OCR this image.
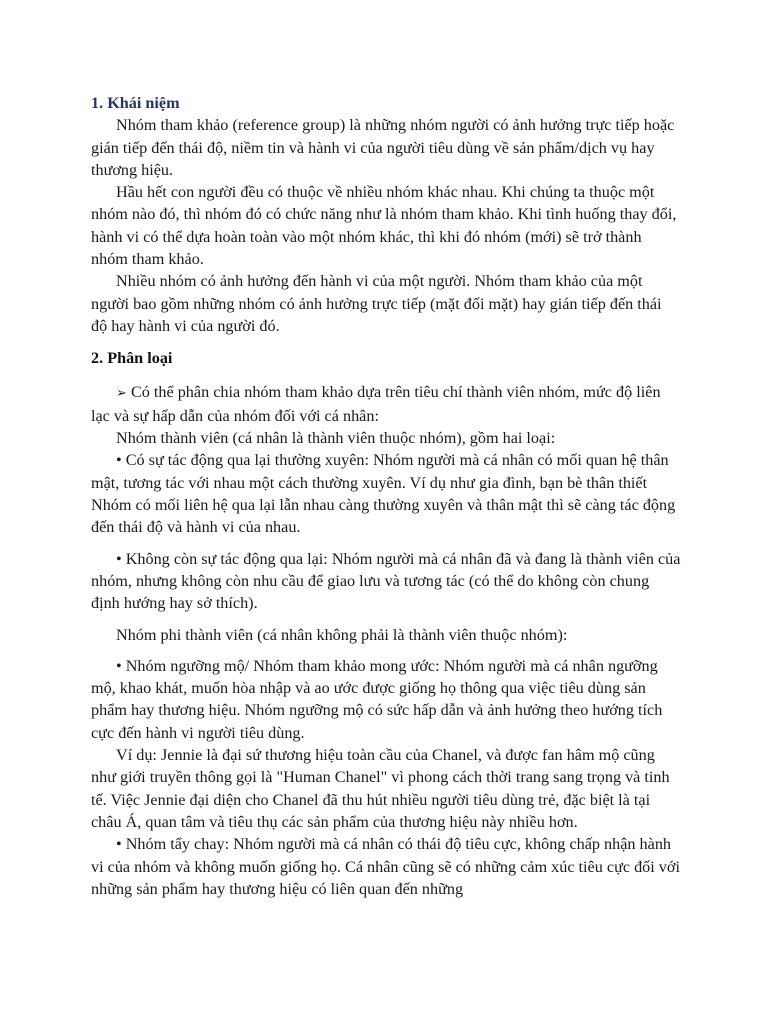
1. Khái niệm

Nhóm tham khảo (reference group) là những nhóm người có ảnh hưởng trực tiếp hoặc gián tiếp đến thái độ, niềm tin và hành vi của người tiêu dùng về sản phẩm/dịch vụ hay thương hiệu.

Hầu hết con người đều có thuộc về nhiều nhóm khác nhau. Khi chúng ta thuộc một nhóm nào đó, thì nhóm đó có chức năng như là nhóm tham khảo. Khi tình huống thay đổi, hành vi có thể dựa hoàn toàn vào một nhóm khác, thì khi đó nhóm (mới) sẽ trở thành nhóm tham khảo.

Nhiều nhóm có ảnh hưởng đến hành vi của một người. Nhóm tham khảo của một người bao gồm những nhóm có ảnh hưởng trực tiếp (mặt đối mặt) hay gián tiếp đến thái độ hay hành vi của người đó.

2. Phân loại

➢ Có thể phân chia nhóm tham khảo dựa trên tiêu chí thành viên nhóm, mức độ liên lạc và sự hấp dẫn của nhóm đối với cá nhân:

Nhóm thành viên (cá nhân là thành viên thuộc nhóm), gồm hai loại:

• Có sự tác động qua lại thường xuyên: Nhóm người mà cá nhân có mối quan hệ thân mật, tương tác với nhau một cách thường xuyên. Ví dụ như gia đình, bạn bè thân thiết Nhóm có mối liên hệ qua lại lẫn nhau càng thường xuyên và thân mật thì sẽ càng tác động đến thái độ và hành vi của nhau.

• Không còn sự tác động qua lại: Nhóm người mà cá nhân đã và đang là thành viên của nhóm, nhưng không còn nhu cầu để giao lưu và tương tác (có thể do không còn chung định hướng hay sở thích).

Nhóm phi thành viên (cá nhân không phải là thành viên thuộc nhóm):

• Nhóm ngưỡng mộ/ Nhóm tham khảo mong ước: Nhóm người mà cá nhân ngưỡng mộ, khao khát, muốn hòa nhập và ao ước được giống họ thông qua việc tiêu dùng sản phẩm hay thương hiệu. Nhóm ngưỡng mộ có sức hấp dẫn và ảnh hưởng theo hướng tích cực đến hành vi người tiêu dùng.

Ví dụ: Jennie là đại sứ thương hiệu toàn cầu của Chanel, và được fan hâm mộ cũng như giới truyền thông gọi là "Human Chanel" vì phong cách thời trang sang trọng và tinh tế. Việc Jennie đại diện cho Chanel đã thu hút nhiều người tiêu dùng trẻ, đặc biệt là tại châu Á, quan tâm và tiêu thụ các sản phẩm của thương hiệu này nhiều hơn.

• Nhóm tẩy chay: Nhóm người mà cá nhân có thái độ tiêu cực, không chấp nhận hành vi của nhóm và không muốn giống họ. Cá nhân cũng sẽ có những cảm xúc tiêu cực đối với những sản phẩm hay thương hiệu có liên quan đến những
